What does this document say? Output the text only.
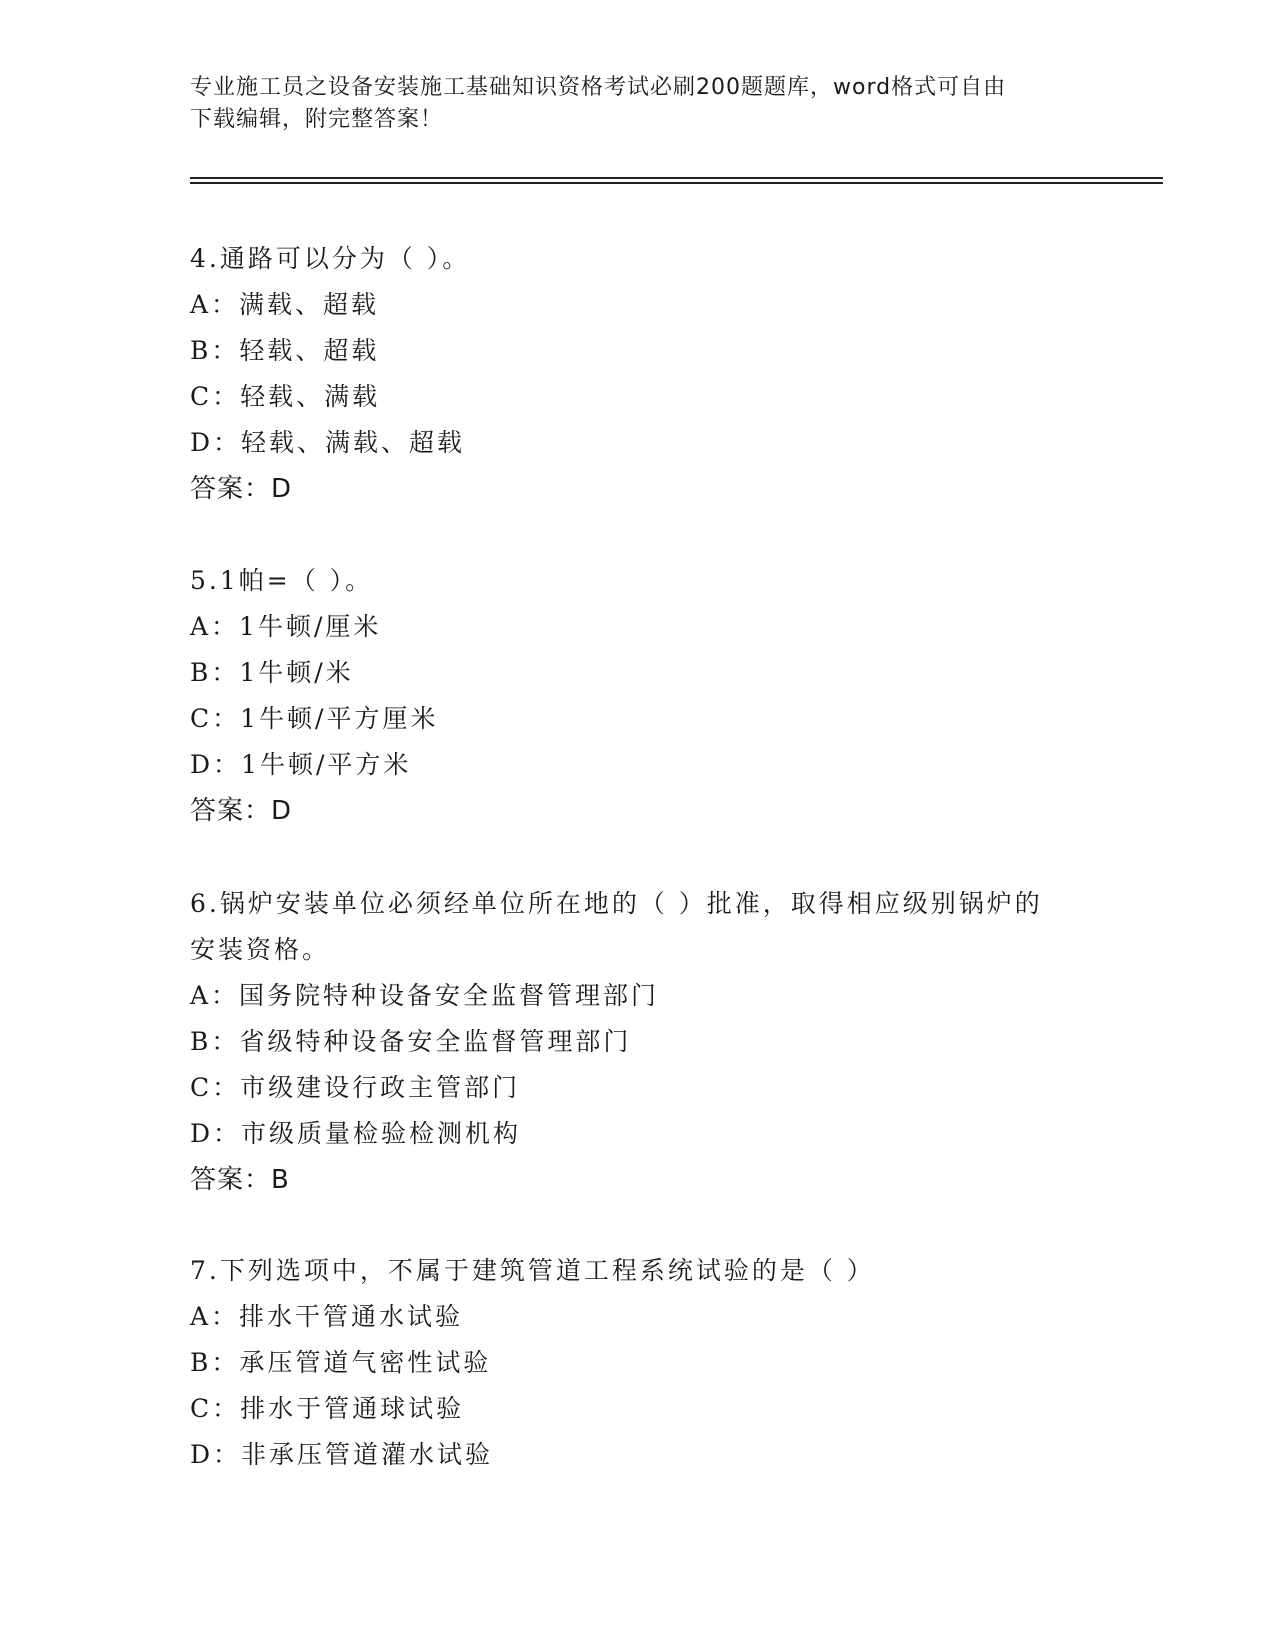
专业施工员之设备安装施工基础知识资格考试必刷200题题库，word格式可自由
下载编辑，附完整答案！
4.通路可以分为（ ）。
A：满载、超载
B：轻载、超载
C：轻载、满载
D：轻载、满载、超载
答案：D
5.1帕=（ ）。
A：1牛顿/厘米
B：1牛顿/米
C：1牛顿/平方厘米
D：1牛顿/平方米
答案：D
6.锅炉安装单位必须经单位所在地的（ ）批准，取得相应级别锅炉的
安装资格。
A：国务院特种设备安全监督管理部门
B：省级特种设备安全监督管理部门
C：市级建设行政主管部门
D：市级质量检验检测机构
答案：B
7.下列选项中，不属于建筑管道工程系统试验的是（ ）
A：排水干管通水试验
B：承压管道气密性试验
C：排水于管通球试验
D：非承压管道灌水试验
